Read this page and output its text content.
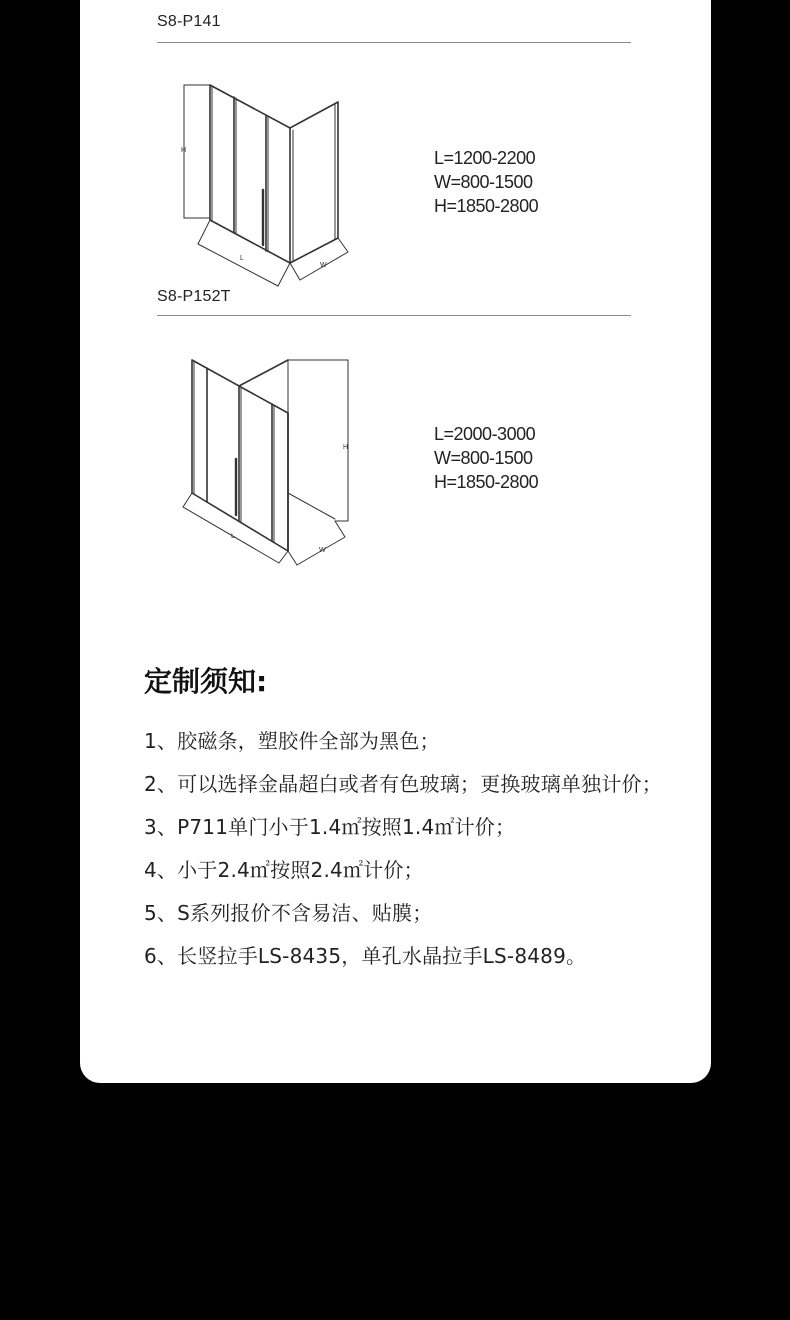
S8-P141
H
L
W
L=1200-2200
W=800-1500
H=1850-2800
S8-P152T
H
L
W
L=2000-3000
W=800-1500
H=1850-2800
定制须知:
1、胶磁条，塑胶件全部为黑色；
2、可以选择金晶超白或者有色玻璃；更换玻璃单独计价；
3、P711单门小于1.4㎡按照1.4㎡计价；
4、小于2.4㎡按照2.4㎡计价；
5、S系列报价不含易洁、贴膜；
6、长竖拉手LS-8435，单孔水晶拉手LS-8489。
